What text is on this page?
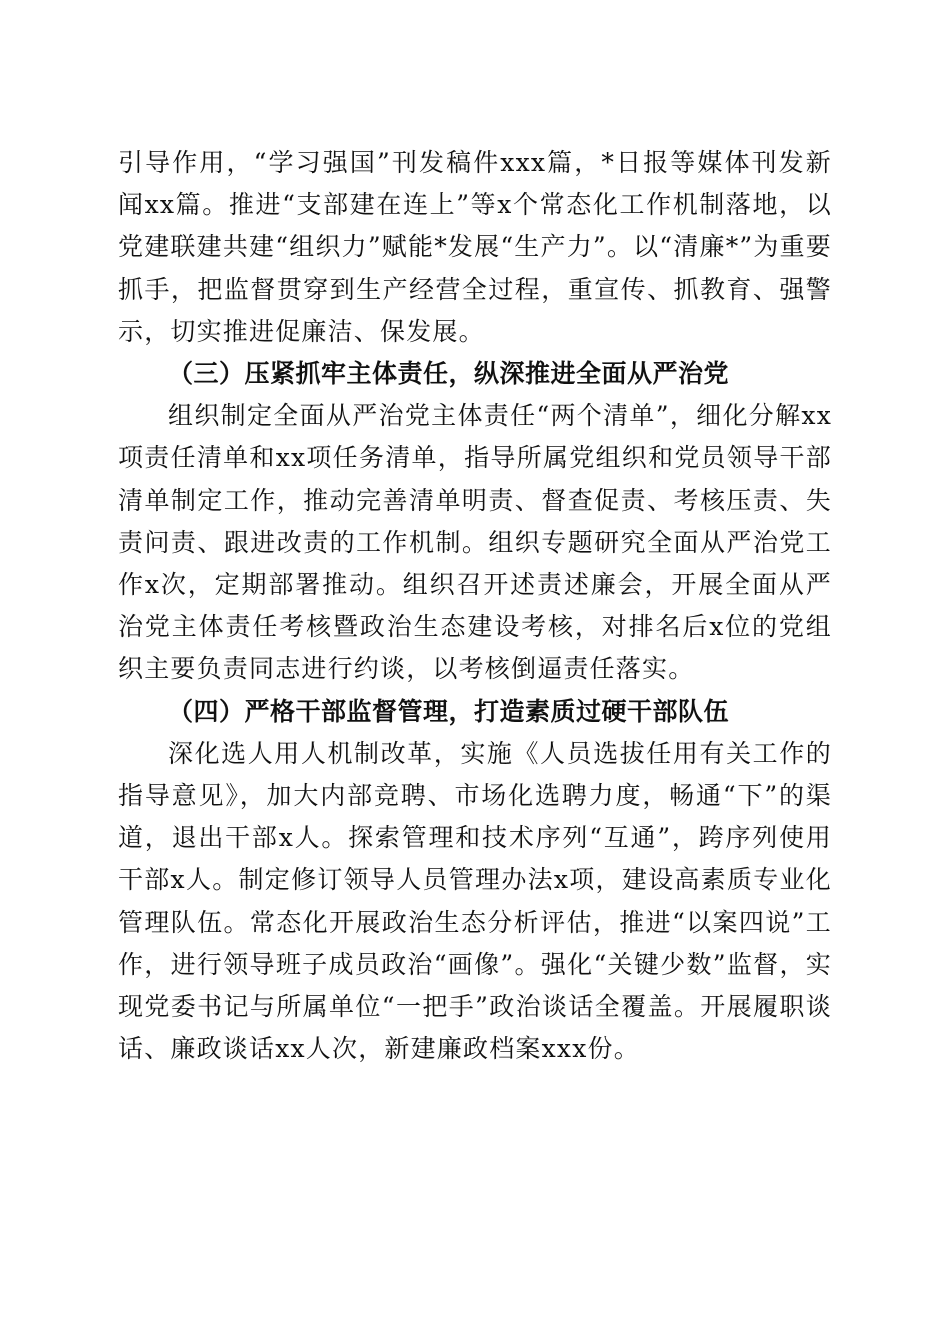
引导作用，“学习强国”刊发稿件xxx篇，*日报等媒体刊发新闻xx篇。推进“支部建在连上”等x个常态化工作机制落地，以党建联建共建“组织力”赋能*发展“生产力”。以“清廉*”为重要抓手，把监督贯穿到生产经营全过程，重宣传、抓教育、强警示，切实推进促廉洁、保发展。

（三）压紧抓牢主体责任，纵深推进全面从严治党

组织制定全面从严治党主体责任“两个清单”，细化分解xx项责任清单和xx项任务清单，指导所属党组织和党员领导干部清单制定工作，推动完善清单明责、督查促责、考核压责、失责问责、跟进改责的工作机制。组织专题研究全面从严治党工作x次，定期部署推动。组织召开述责述廉会，开展全面从严治党主体责任考核暨政治生态建设考核，对排名后x位的党组织主要负责同志进行约谈，以考核倒逼责任落实。

（四）严格干部监督管理，打造素质过硬干部队伍

深化选人用人机制改革，实施《人员选拔任用有关工作的指导意见》，加大内部竞聘、市场化选聘力度，畅通“下”的渠道，退出干部x人。探索管理和技术序列“互通”，跨序列使用干部x人。制定修订领导人员管理办法x项，建设高素质专业化管理队伍。常态化开展政治生态分析评估，推进“以案四说”工作，进行领导班子成员政治“画像”。强化“关键少数”监督，实现党委书记与所属单位“一把手”政治谈话全覆盖。开展履职谈话、廉政谈话xx人次，新建廉政档案xxx份。
